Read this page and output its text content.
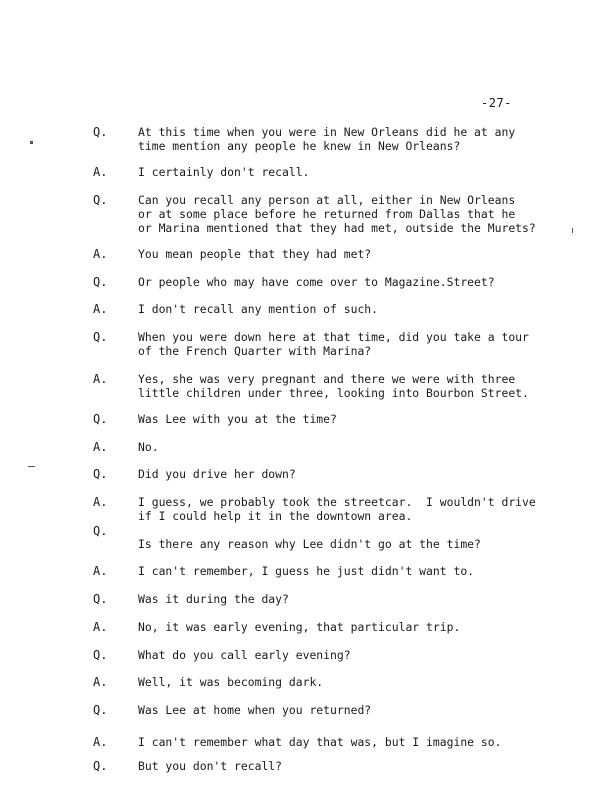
-27-
Q.	At this time when you were in New Orleans did he at any
time mention any people he knew in New Orleans?
A.	I certainly don't recall.
Q.	Can you recall any person at all, either in New Orleans
or at some place before he returned from Dallas that he
or Marina mentioned that they had met, outside the Murets?
A.	You mean people that they had met?
Q.	Or people who may have come over to Magazine.Street?
A.	I don't recall any mention of such.
Q.	When you were down here at that time, did you take a tour
of the French Quarter with Marina?
A.	Yes, she was very pregnant and there we were with three
little children under three, looking into Bourbon Street.
Q.	Was Lee with you at the time?
A.	No.
Q.	Did you drive her down?
A.	I guess, we probably took the streetcar.  I wouldn't drive
if I could help it in the downtown area.
Q.
Is there any reason why Lee didn't go at the time?
A.	I can't remember, I guess he just didn't want to.
Q.	Was it during the day?
A.	No, it was early evening, that particular trip.
Q.	What do you call early evening?
A.	Well, it was becoming dark.
Q.	Was Lee at home when you returned?
A.	I can't remember what day that was, but I imagine so.
Q.	But you don't recall?
